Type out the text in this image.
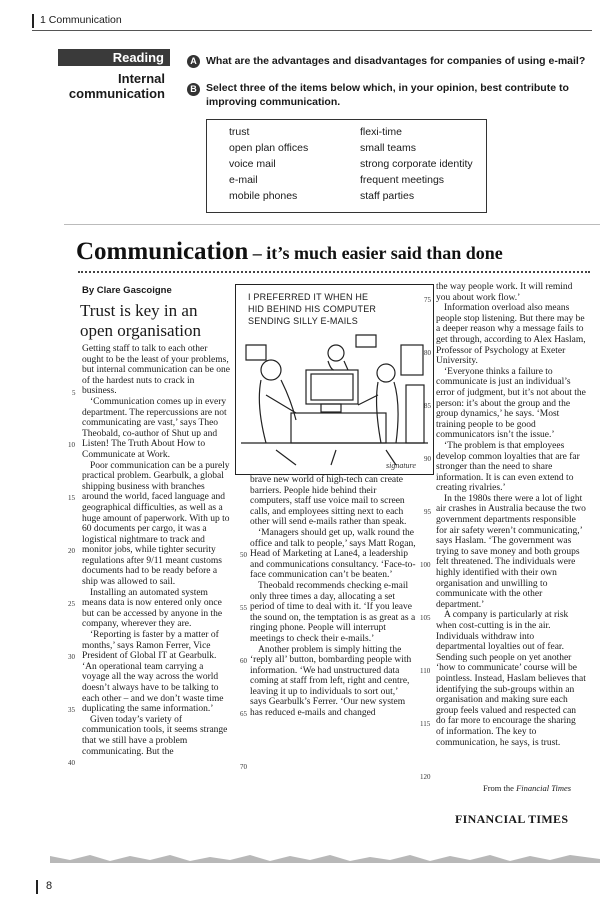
1 Communication
Reading
Internal
communication
A What are the advantages and disadvantages for companies of using e-mail?
B Select three of the items below which, in your opinion, best contribute to
improving communication.
trust
open plan offices
voice mail
e-mail
mobile phones
flexi-time
small teams
strong corporate identity
frequent meetings
staff parties
Communication – it’s much easier said than done
By Clare Gascoigne
Trust is key in an
open organisation

Getting staff to talk to each other ought to be the least of your problems, but internal communication can be one of the hardest nuts to crack in business.

‘Communication comes up in every department. The repercussions are not communicating are vast,’ says Theo Theobald, co-author of Shut up and Listen! The Truth About How to Communicate at Work.

Poor communication can be a purely practical problem. Gearbulk, a global shipping business with branches around the world, faced language and geographical difficulties, as well as a huge amount of paperwork. With up to 60 documents per cargo, it was a logistical nightmare to track and monitor jobs, while tighter security regulations after 9/11 meant customs documents had to be ready before a ship was allowed to sail.

Installing an automated system means data is now entered only once but can be accessed by anyone in the company, wherever they are.

‘Reporting is faster by a matter of months,’ says Ramon Ferrer, Vice President of Global IT at Gearbulk. ‘An operational team carrying a voyage all the way across the world doesn’t always have to be talking to each other – and we don’t waste time duplicating the same information.’

Given today’s variety of communication tools, it seems strange that we still have a problem communicating. But the

5
10
15
20
25
30
35
40
I PREFERRED IT WHEN HE
HID BEHIND HIS COMPUTER
SENDING SILLY E-MAILS
signature

brave new world of high-tech can create barriers. People hide behind their computers, staff use voice mail to screen calls, and employees sitting next to each other will send e-mails rather than speak.

‘Managers should get up, walk round the office and talk to people,’ says Matt Rogan, Head of Marketing at Lane4, a leadership and communications consultancy. ‘Face-to-face communication can’t be beaten.’

Theobald recommends checking e-mail only three times a day, allocating a set period of time to deal with it. ‘If you leave the sound on, the temptation is as great as a ringing phone. People will interrupt meetings to check their e-mails.’

Another problem is simply hitting the ‘reply all’ button, bombarding people with information. ‘We had unstructured data coming at staff from left, right and centre, leaving it up to individuals to sort out,’ says Gearbulk’s Ferrer. ‘Our new system has reduced e-mails and changed

50
55
60
65
70

the way people work. It will remind you about work flow.’

Information overload also means people stop listening. But there may be a deeper reason why a message fails to get through, according to Alex Haslam, Professor of Psychology at Exeter University.

‘Everyone thinks a failure to communicate is just an individual’s error of judgment, but it’s not about the person: it’s about the group and the group dynamics,’ he says. ‘Most training people to be good communicators isn’t the issue.’

‘The problem is that employees develop common loyalties that are far stronger than the need to share information. It is can even extend to creating rivalries.’

In the 1980s there were a lot of light air crashes in Australia because the two government departments responsible for air safety weren’t communicating,’ says Haslam. ‘The government was trying to save money and both groups felt threatened. The individuals were highly identified with their own organisation and unwilling to communicate with the other department.’

A company is particularly at risk when cost-cutting is in the air. Individuals withdraw into departmental loyalties out of fear. Sending such people on yet another ‘how to communicate’ course will be pointless. Instead, Haslam believes that identifying the sub-groups within an organisation and making sure each group feels valued and respected can do far more to encourage the sharing of information. The key to communication, he says, is trust.

75
80
85
90
95
100
105
110
115
120
From the Financial Times
FINANCIAL TIMES
8
